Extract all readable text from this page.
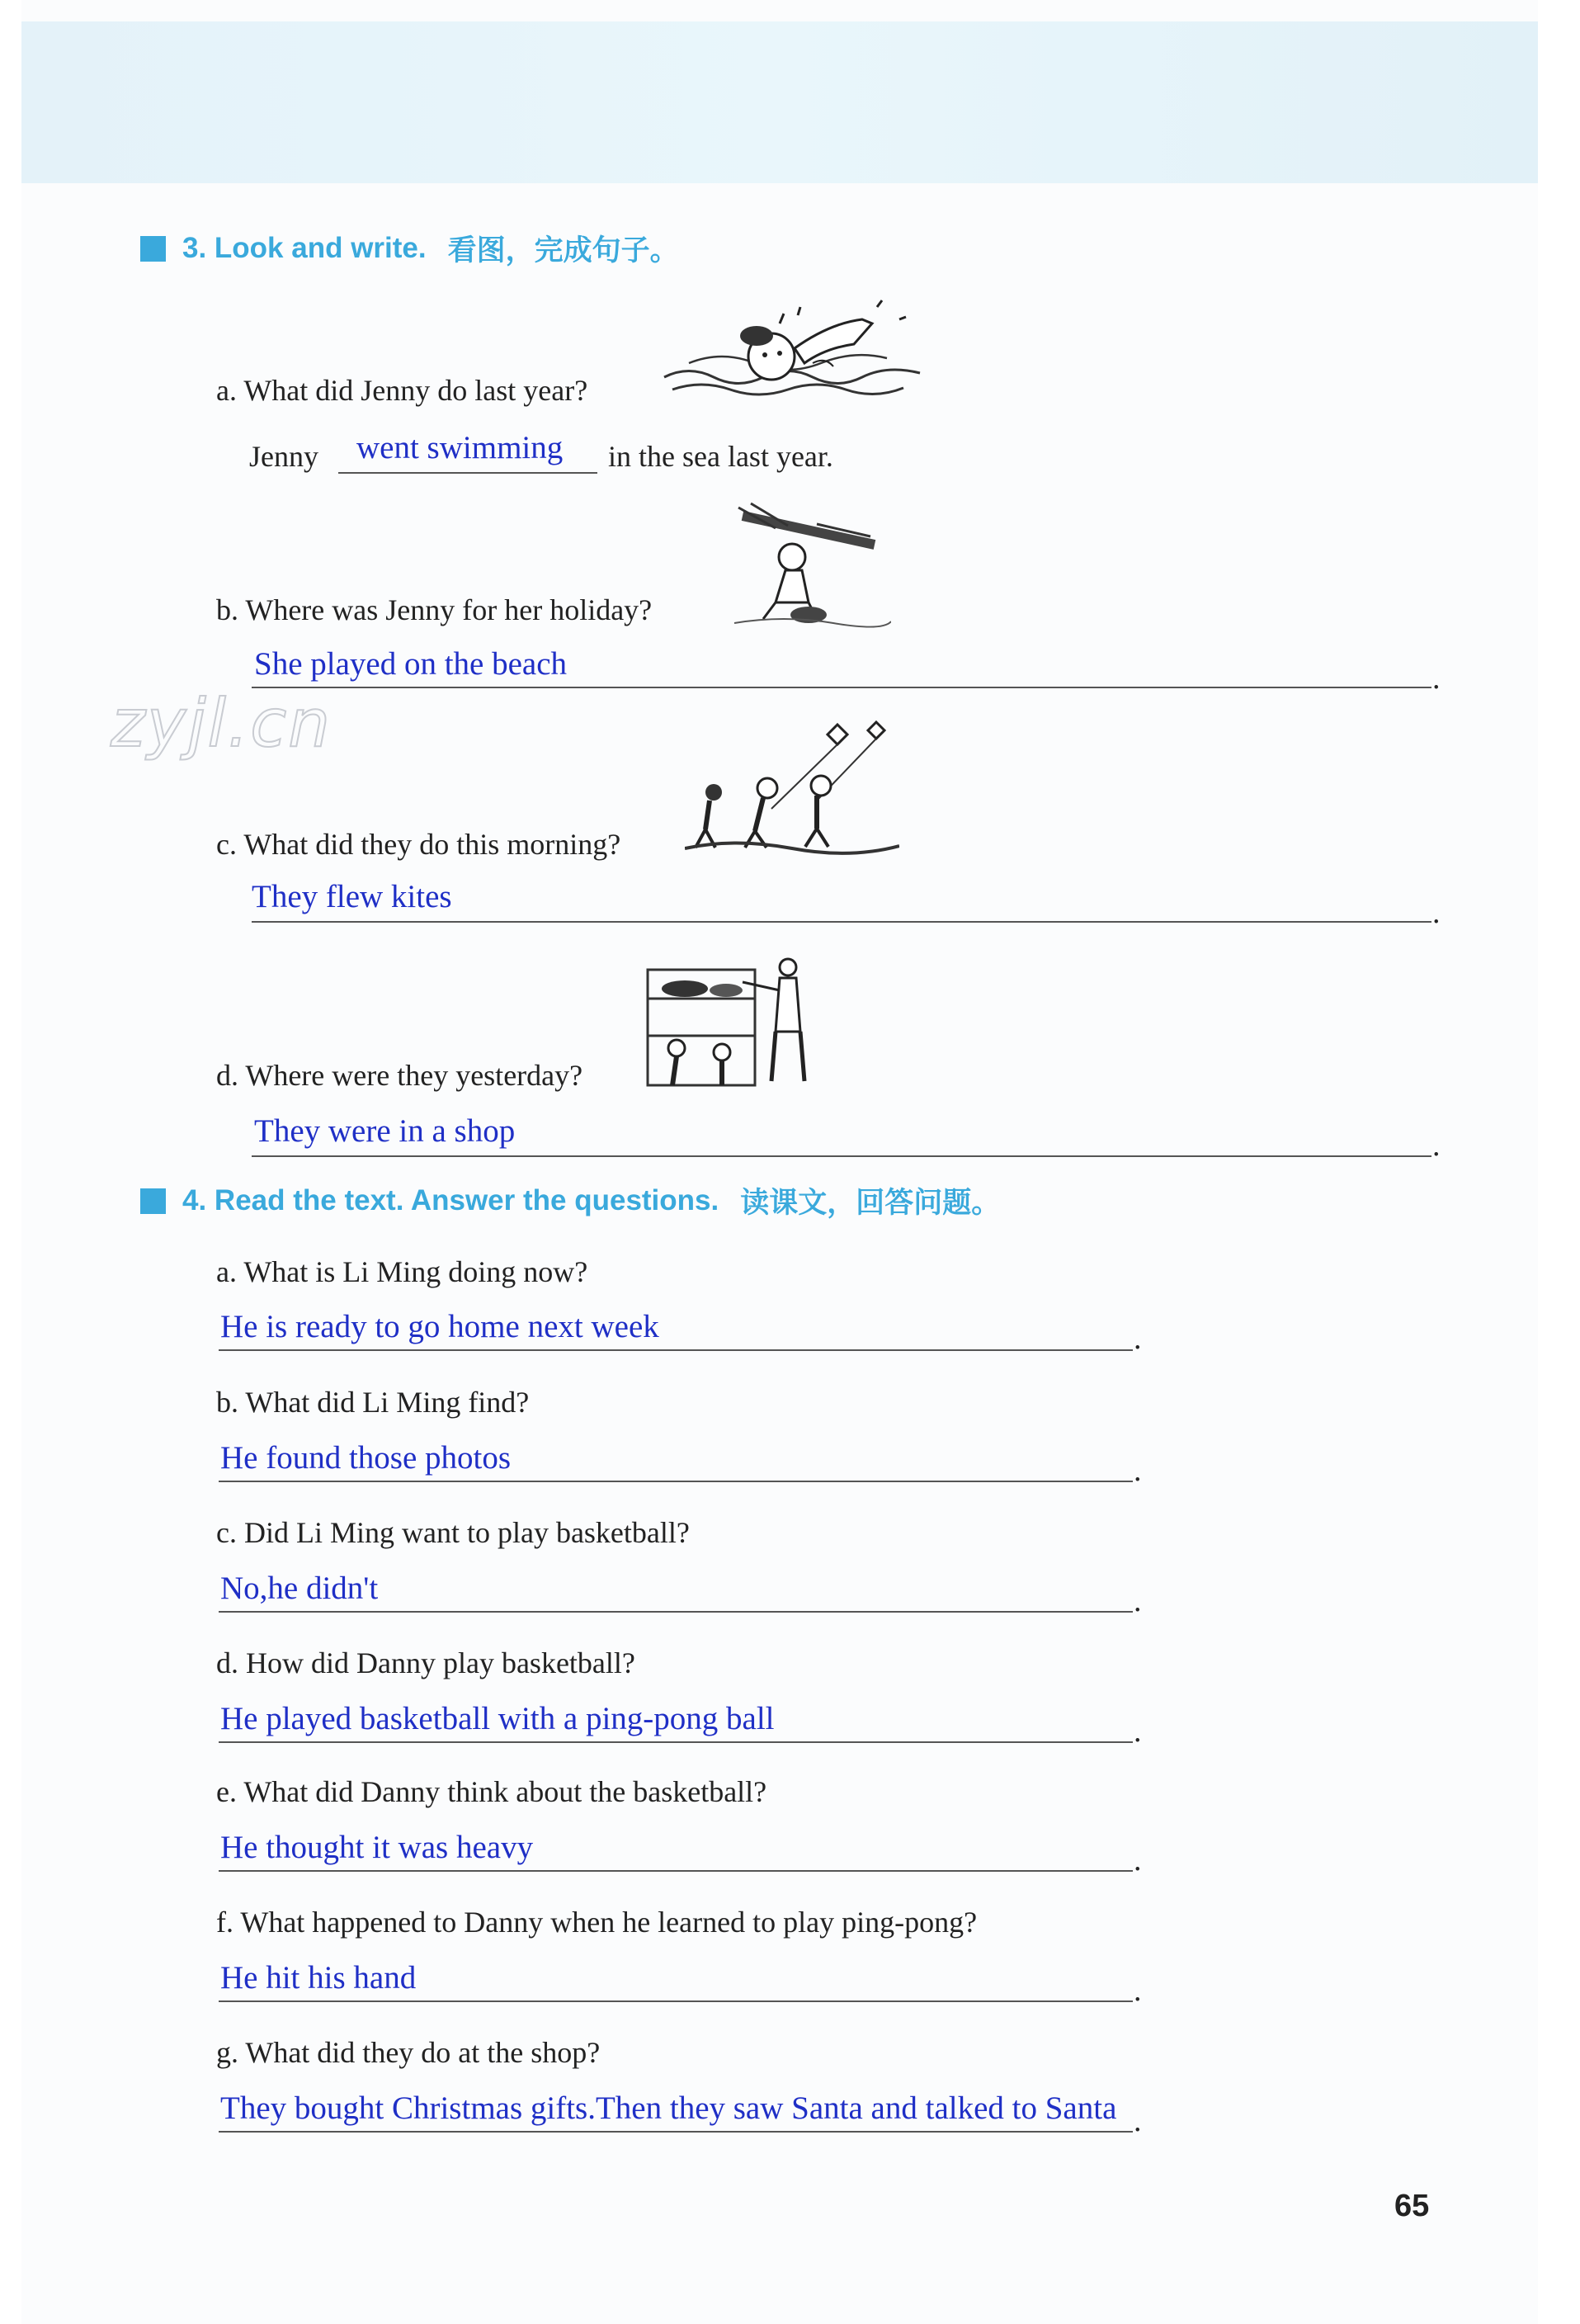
3. Look and write. 看图，完成句子。
a. What did Jenny do last year?
Jenny went swimming in the sea last year.
b. Where was Jenny for her holiday?
She played on the beach	.
zyjl.cn
c. What did they do this morning?
They flew kites	.
d. Where were they yesterday?
They were in a shop	.
4. Read the text. Answer the questions. 读课文，回答问题。
a. What is Li Ming doing now?
He is ready to go home next week	.
b. What did Li Ming find?
He found those photos	.
c. Did Li Ming want to play basketball?
No,he didn't	.
d. How did Danny play basketball?
He played basketball with a ping-pong ball	.
e. What did Danny think about the basketball?
He thought it was heavy	.
f. What happened to Danny when he learned to play ping-pong?
He hit his hand	.
g. What did they do at the shop?
They bought Christmas gifts.Then they saw Santa and talked to Santa .
65
